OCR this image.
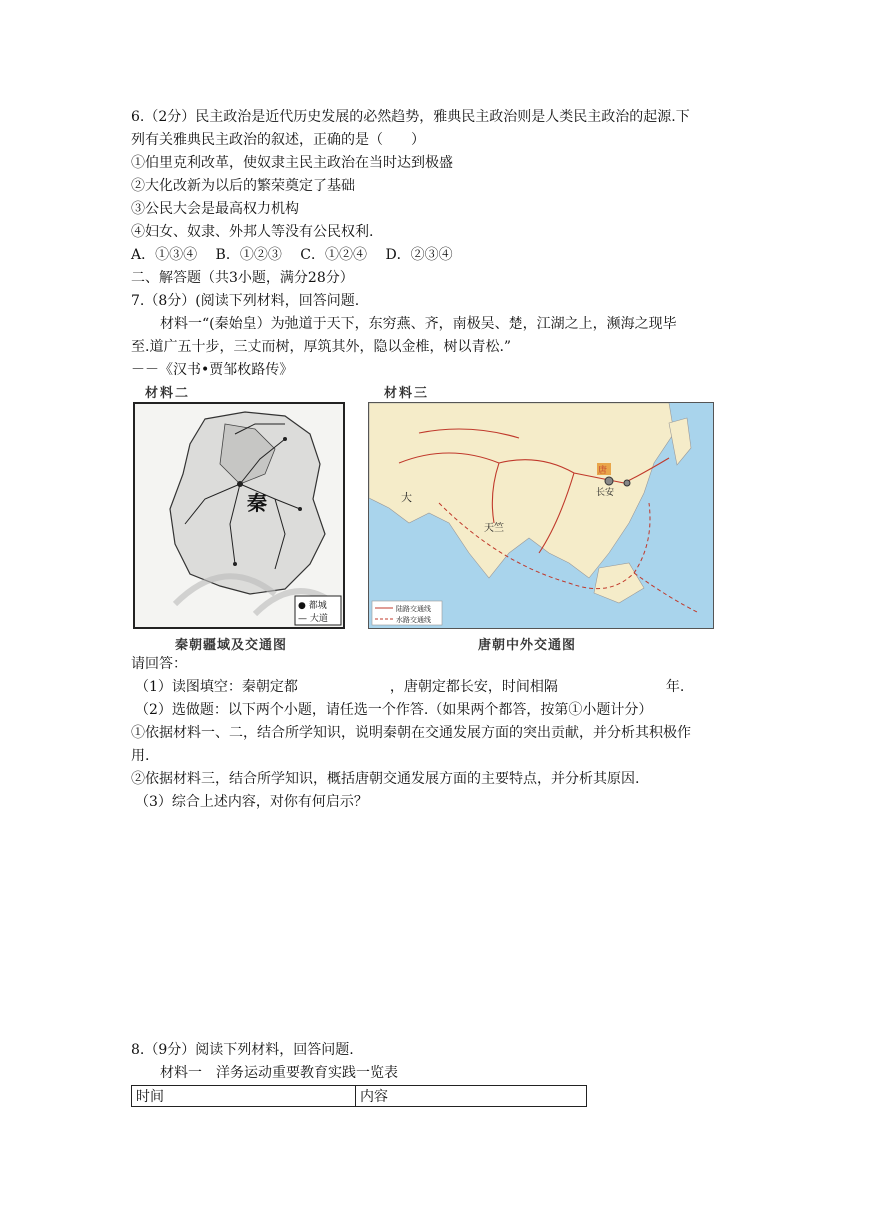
6.（2分）民主政治是近代历史发展的必然趋势，雅典民主政治则是人类民主政治的起源.下
列有关雅典民主政治的叙述，正确的是（　　）
①伯里克利改革，使奴隶主民主政治在当时达到极盛
②大化改新为以后的繁荣奠定了基础
③公民大会是最高权力机构
④妇女、奴隶、外邦人等没有公民权利.
A．①③④　 B．①②③　 C．①②④　 D．②③④
二、解答题（共3小题，满分28分）
7.（8分）(阅读下列材料，回答问题.
材料一“(秦始皇）为弛道于天下，东穷燕、齐，南极吴、楚，江湖之上，濒海之现毕
至.道广五十步，三丈而树，厚筑其外，隐以金椎，树以青松.”
－－《汉书•贾邹枚路传》
材料二	材料三
秦
● 都城
— 大道
长安
天竺
大
唐
陆路交通线
水路交通线
秦朝疆域及交通图	唐朝中外交通图
请回答：
（1）读图填空：秦朝定都	，唐朝定都长安，时间相隔	年.
（2）选做题：以下两个小题，请任选一个作答.（如果两个都答，按第①小题计分）
①依据材料一、二，结合所学知识，说明秦朝在交通发展方面的突出贡献，并分析其积极作
用.
②依据材料三，结合所学知识，概括唐朝交通发展方面的主要特点，并分析其原因.
（3）综合上述内容，对你有何启示？
8.（9分）阅读下列材料，回答问题.
材料一　洋务运动重要教育实践一览表
时间	内容
